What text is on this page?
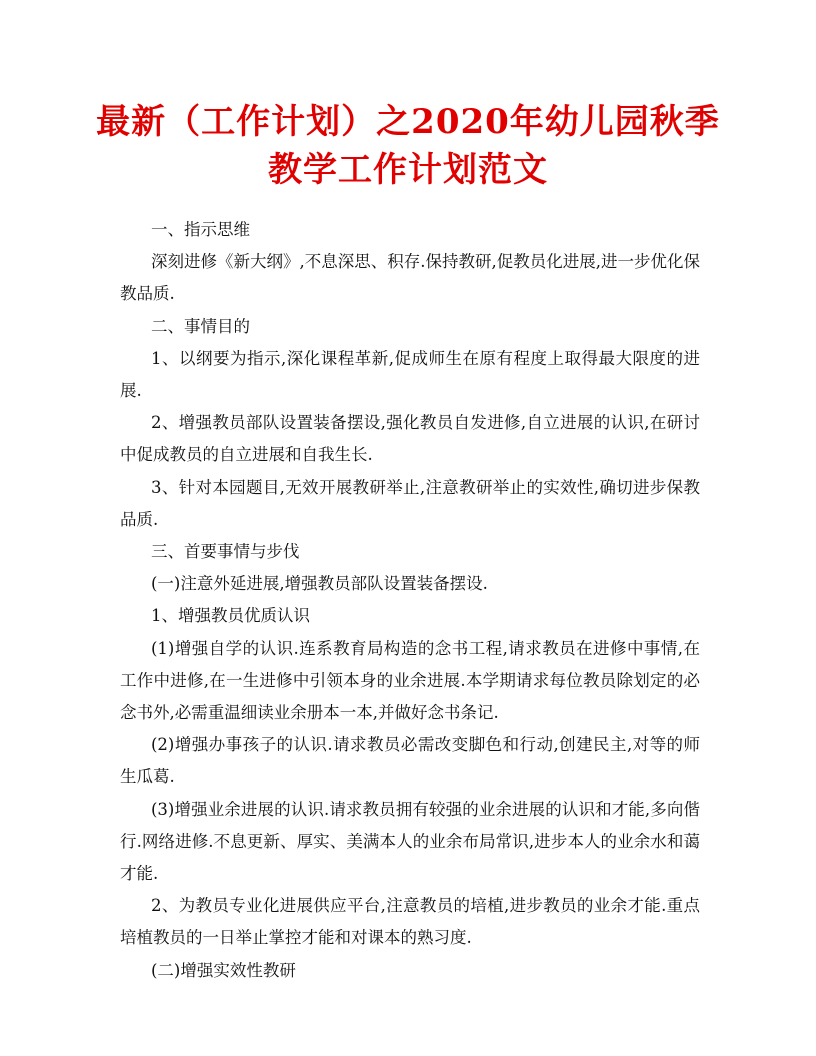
最新（工作计划）之2020年幼儿园秋季
教学工作计划范文

一、指示思维

深刻进修《新大纲》,不息深思、积存.保持教研,促教员化进展,进一步优化保教品质.

二、事情目的

1、以纲要为指示,深化课程革新,促成师生在原有程度上取得最大限度的进展.

2、增强教员部队设置装备摆设,强化教员自发进修,自立进展的认识,在研讨中促成教员的自立进展和自我生长.

3、针对本园题目,无效开展教研举止,注意教研举止的实效性,确切进步保教品质.

三、首要事情与步伐

(一)注意外延进展,增强教员部队设置装备摆设.

1、增强教员优质认识

(1)增强自学的认识.连系教育局构造的念书工程,请求教员在进修中事情,在工作中进修,在一生进修中引领本身的业余进展.本学期请求每位教员除划定的必念书外,必需重温细读业余册本一本,并做好念书条记.

(2)增强办事孩子的认识.请求教员必需改变脚色和行动,创建民主,对等的师生瓜葛.

(3)增强业余进展的认识.请求教员拥有较强的业余进展的认识和才能,多向偕行.网络进修.不息更新、厚实、美满本人的业余布局常识,进步本人的业余水和蔼才能.

2、为教员专业化进展供应平台,注意教员的培植,进步教员的业余才能.重点培植教员的一日举止掌控才能和对课本的熟习度.

(二)增强实效性教研
